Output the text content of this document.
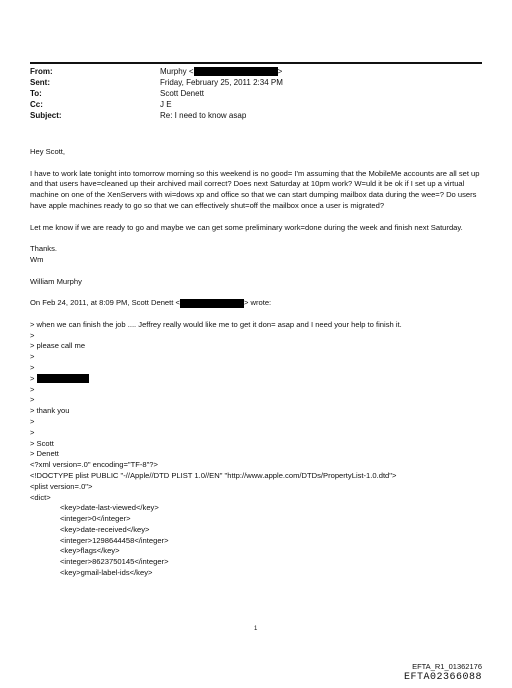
From:	Murphy <	>
Sent:	Friday, February 25, 2011 2:34 PM
To:	Scott Denett
Cc:	J E
Subject:	Re: I need to know asap

Hey Scott,

I have to work late tonight into tomorrow morning so this weekend is no good= I'm assuming that the MobileMe accounts are all set up and that users have=cleaned up their archived mail correct? Does next Saturday at 10pm work? W=uld it be ok if I set up a virtual machine on one of the XenServers with wi=dows xp and office so that we can start dumping mailbox data during the wee=? Do users have apple machines ready to go so that we can effectively shut=off the mailbox once a user is migrated?

Let me know if we are ready to go and maybe we can get some preliminary work=done during the week and finish next Saturday.

Thanks.

Wm

William Murphy

On Feb 24, 2011, at 8:09 PM, Scott Denett <	> wrote:

> when we can finish the job .... Jeffrey really would like me to get it don= asap and I need your help to finish it.

>

> please call me

>

>

>

>

>

> thank you

>

>

> Scott

> Denett

<?xml version=.0" encoding="TF-8"?>

<!DOCTYPE plist PUBLIC "-//Apple//DTD PLIST 1.0//EN" "http://www.apple.com/DTDs/PropertyList-1.0.dtd">

<plist version=.0">

<dict>

<key>date-last-viewed</key>

<integer>0</integer>

<key>date-received</key>

<integer>1298644458</integer>

<key>flags</key>

<integer>8623750145</integer>

<key>gmail-label-ids</key>

1
EFTA_R1_01362176
EFTA02366088
